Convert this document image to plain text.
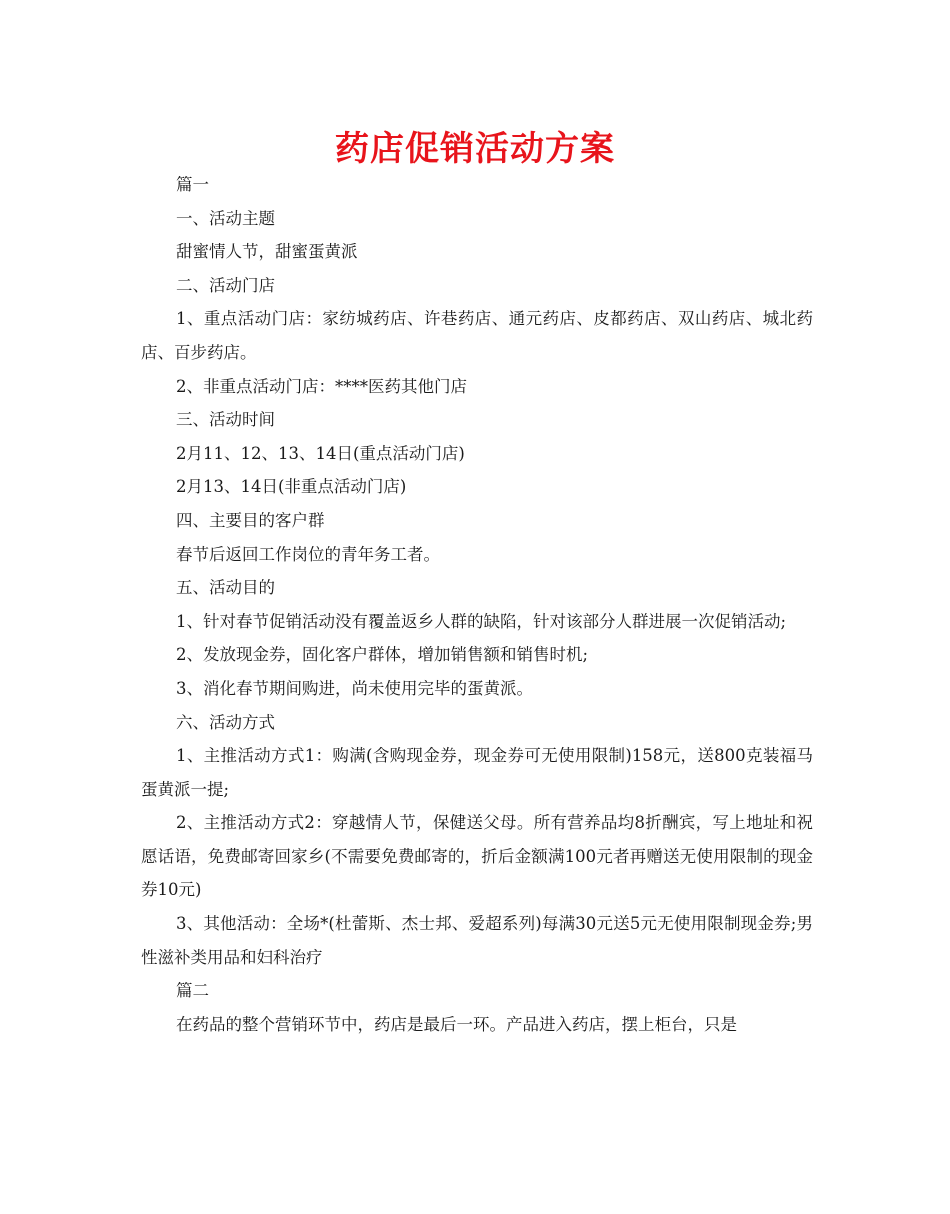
药店促销活动方案

篇一

一、活动主题

甜蜜情人节，甜蜜蛋黄派

二、活动门店

1、重点活动门店：家纺城药店、许巷药店、通元药店、皮都药店、双山药店、城北药店、百步药店。

2、非重点活动门店：****医药其他门店

三、活动时间

2月11、12、13、14日(重点活动门店)

2月13、14日(非重点活动门店)

四、主要目的客户群

春节后返回工作岗位的青年务工者。

五、活动目的

1、针对春节促销活动没有覆盖返乡人群的缺陷，针对该部分人群进展一次促销活动;

2、发放现金券，固化客户群体，增加销售额和销售时机;

3、消化春节期间购进，尚未使用完毕的蛋黄派。

六、活动方式

1、主推活动方式1：购满(含购现金券，现金券可无使用限制)158元，送800克装福马蛋黄派一提;

2、主推活动方式2：穿越情人节，保健送父母。所有营养品均8折酬宾，写上地址和祝愿话语，免费邮寄回家乡(不需要免费邮寄的，折后金额满100元者再赠送无使用限制的现金券10元)

3、其他活动：全场*(杜蕾斯、杰士邦、爱超系列)每满30元送5元无使用限制现金券;男性滋补类用品和妇科治疗

篇二

在药品的整个营销环节中，药店是最后一环。产品进入药店，摆上柜台，只是
